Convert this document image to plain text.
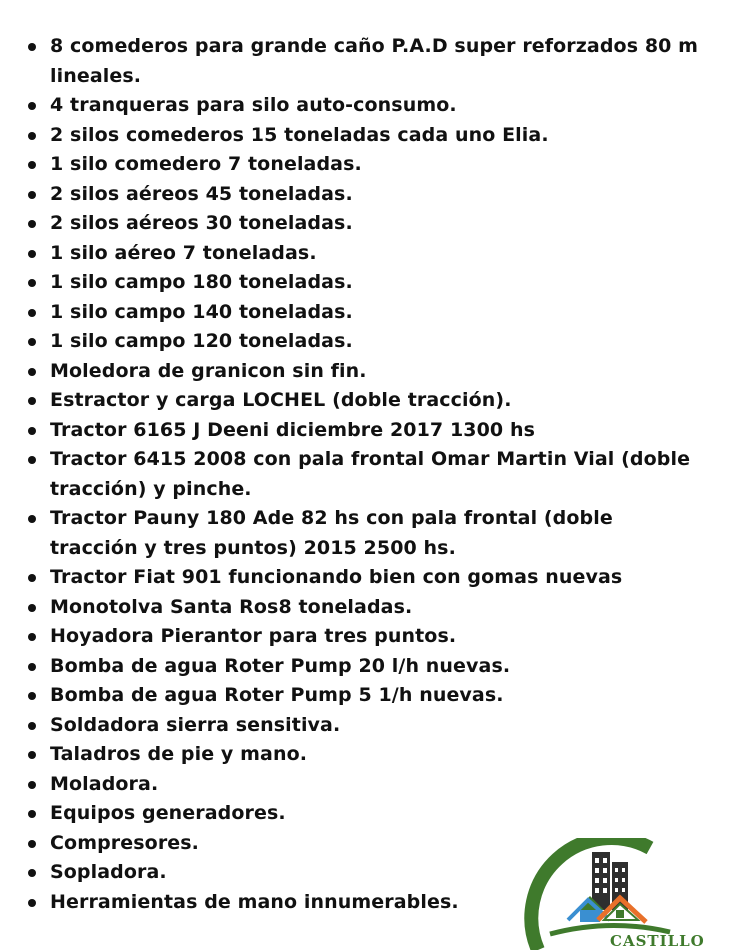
8 comederos para grande caño P.A.D super reforzados 80 m lineales.
4 tranqueras para silo auto-consumo.
2 silos comederos 15 toneladas cada uno Elia.
1 silo comedero 7 toneladas.
2 silos aéreos 45 toneladas.
2 silos aéreos 30 toneladas.
1 silo aéreo 7 toneladas.
1 silo campo 180 toneladas.
1 silo campo 140 toneladas.
1 silo campo 120 toneladas.
Moledora de granicon sin fin.
Estractor y carga LOCHEL (doble tracción).
Tractor 6165 J Deeni diciembre 2017 1300 hs
Tractor 6415 2008 con pala frontal Omar Martin Vial (doble tracción) y pinche.
Tractor Pauny 180 Ade 82 hs con pala frontal (doble tracción y tres puntos) 2015 2500 hs.
Tractor Fiat 901 funcionando bien con gomas nuevas
Monotolva Santa Ros8 toneladas.
Hoyadora Pierantor para tres puntos.
Bomba de agua Roter Pump 20 l/h nuevas.
Bomba de agua Roter Pump 5 1/h nuevas.
Soldadora sierra sensitiva.
Taladros de pie y mano.
Moladora.
Equipos generadores.
Compresores.
Sopladora.
Herramientas de mano innumerables.
CASTILLO
